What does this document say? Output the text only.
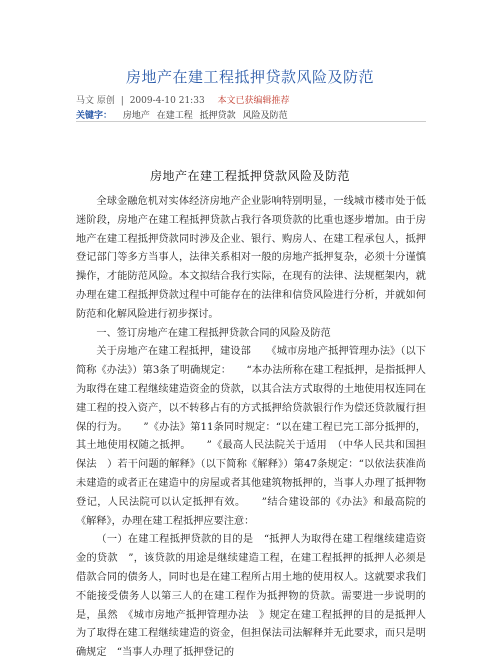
房地产在建工程抵押贷款风险及防范
马文 原创 | 2009-4-10 21:33 本文已获编辑推荐
关键字： 房地产 在建工程 抵押贷款 风险及防范
房地产在建工程抵押贷款风险及防范

全球金融危机对实体经济房地产企业影响特别明显，一线城市楼市处于低迷阶段，房地产在建工程抵押贷款占我行各项贷款的比重也逐步增加。由于房地产在建工程抵押贷款同时涉及企业、银行、购房人、在建工程承包人，抵押登记部门等多方当事人，法律关系相对一般的房地产抵押复杂，必须十分谨慎操作，才能防范风险。本文拟结合我行实际，在现有的法律、法规框架内，就办理在建工程抵押贷款过程中可能存在的法律和信贷风险进行分析，并就如何防范和化解风险进行初步探讨。

一、签订房地产在建工程抵押贷款合同的风险及防范

关于房地产在建工程抵押，建设部　　《城市房地产抵押管理办法》（以下简称《办法》）第3条了明确规定：　　“本办法所称在建工程抵押，是指抵押人为取得在建工程继续建造资金的贷款，以其合法方式取得的土地使用权连同在建工程的投入资产，以不转移占有的方式抵押给贷款银行作为偿还贷款履行担保的行为。　　”《办法》第11条同时规定：“以在建工程已完工部分抵押的，其土地使用权随之抵押。　　”《最高人民法院关于适用　（中华人民共和国担保法　）若干问题的解释》（以下简称《解释》）第47条规定：“以依法获准尚未建造的或者正在建造中的房屋或者其他建筑物抵押的，当事人办理了抵押物登记，人民法院可以认定抵押有效。　　”结合建设部的《办法》和最高院的《解释》，办理在建工程抵押应要注意：

（一）在建工程抵押贷款的目的是　“抵押人为取得在建工程继续建造资金的贷款　”，该贷款的用途是继续建造工程，在建工程抵押的抵押人必须是借款合同的债务人，同时也是在建工程所占用土地的使用权人。这就要求我们不能接受债务人以第三人的在建工程作为抵押物的贷款。需要进一步说明的是，虽然　《城市房地产抵押管理办法　》规定在建工程抵押的目的是抵押人为了取得在建工程继续建造的资金，但担保法司法解释并无此要求，而只是明确规定　“当事人办理了抵押登记的
